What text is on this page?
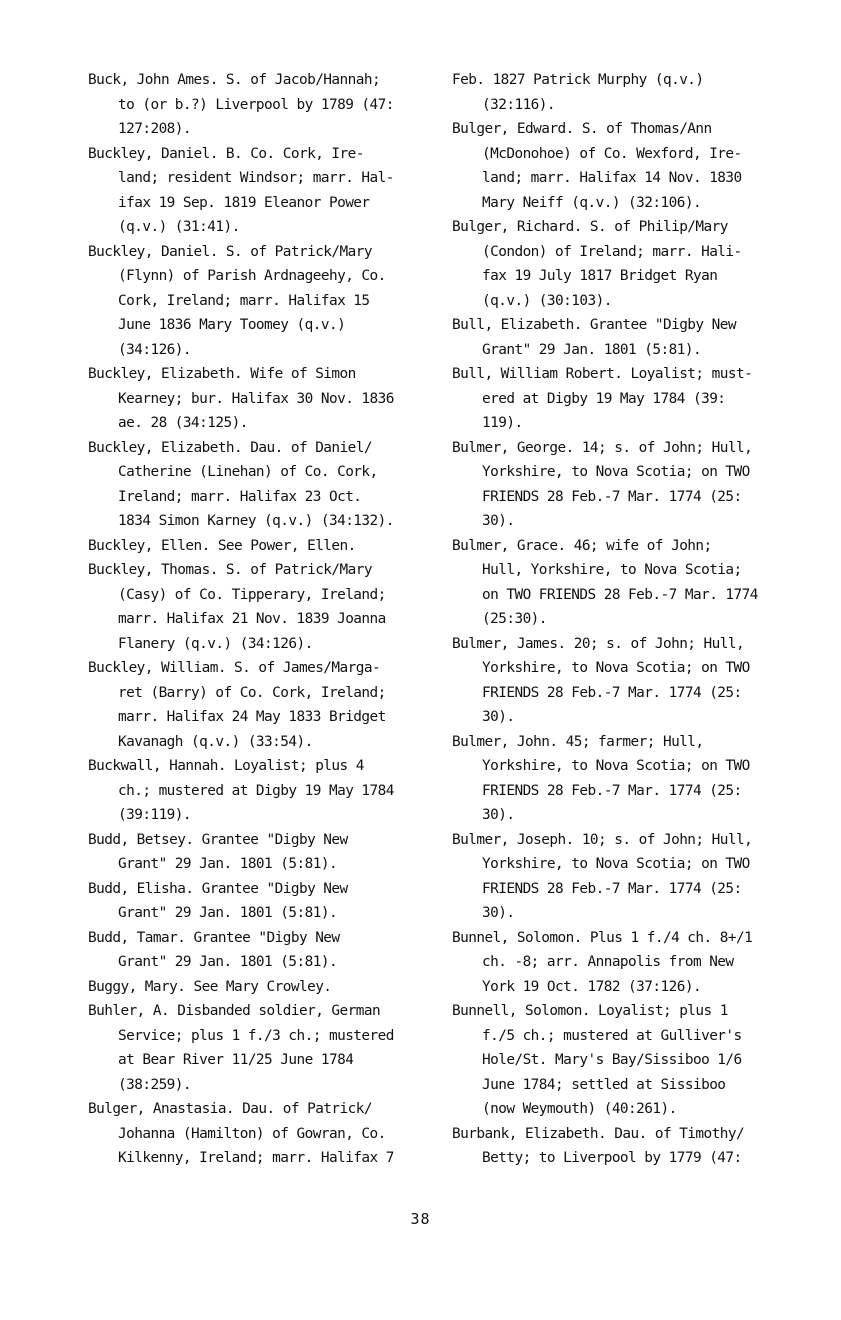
Buck, John Ames. S. of Jacob/Hannah;
to (or b.?) Liverpool by 1789 (47:
127:208).

Buckley, Daniel. B. Co. Cork, Ire-
land; resident Windsor; marr. Hal-
ifax 19 Sep. 1819 Eleanor Power
(q.v.) (31:41).

Buckley, Daniel. S. of Patrick/Mary
(Flynn) of Parish Ardnageehy, Co.
Cork, Ireland; marr. Halifax 15
June 1836 Mary Toomey (q.v.)
(34:126).

Buckley, Elizabeth. Wife of Simon
Kearney; bur. Halifax 30 Nov. 1836
ae. 28 (34:125).

Buckley, Elizabeth. Dau. of Daniel/
Catherine (Linehan) of Co. Cork,
Ireland; marr. Halifax 23 Oct.
1834 Simon Karney (q.v.) (34:132).

Buckley, Ellen. See Power, Ellen.

Buckley, Thomas. S. of Patrick/Mary
(Casy) of Co. Tipperary, Ireland;
marr. Halifax 21 Nov. 1839 Joanna
Flanery (q.v.) (34:126).

Buckley, William. S. of James/Marga-
ret (Barry) of Co. Cork, Ireland;
marr. Halifax 24 May 1833 Bridget
Kavanagh (q.v.) (33:54).

Buckwall, Hannah. Loyalist; plus 4
ch.; mustered at Digby 19 May 1784
(39:119).

Budd, Betsey. Grantee "Digby New
Grant" 29 Jan. 1801 (5:81).

Budd, Elisha. Grantee "Digby New
Grant" 29 Jan. 1801 (5:81).

Budd, Tamar. Grantee "Digby New
Grant" 29 Jan. 1801 (5:81).

Buggy, Mary. See Mary Crowley.

Buhler, A. Disbanded soldier, German
Service; plus 1 f./3 ch.; mustered
at Bear River 11/25 June 1784
(38:259).

Bulger, Anastasia. Dau. of Patrick/
Johanna (Hamilton) of Gowran, Co.
Kilkenny, Ireland; marr. Halifax 7

Feb. 1827 Patrick Murphy (q.v.)
(32:116).

Bulger, Edward. S. of Thomas/Ann
(McDonohoe) of Co. Wexford, Ire-
land; marr. Halifax 14 Nov. 1830
Mary Neiff (q.v.) (32:106).

Bulger, Richard. S. of Philip/Mary
(Condon) of Ireland; marr. Hali-
fax 19 July 1817 Bridget Ryan
(q.v.) (30:103).

Bull, Elizabeth. Grantee "Digby New
Grant" 29 Jan. 1801 (5:81).

Bull, William Robert. Loyalist; must-
ered at Digby 19 May 1784 (39:
119).

Bulmer, George. 14; s. of John; Hull,
Yorkshire, to Nova Scotia; on TWO
FRIENDS 28 Feb.-7 Mar. 1774 (25:
30).

Bulmer, Grace. 46; wife of John;
Hull, Yorkshire, to Nova Scotia;
on TWO FRIENDS 28 Feb.-7 Mar. 1774
(25:30).

Bulmer, James. 20; s. of John; Hull,
Yorkshire, to Nova Scotia; on TWO
FRIENDS 28 Feb.-7 Mar. 1774 (25:
30).

Bulmer, John. 45; farmer; Hull,
Yorkshire, to Nova Scotia; on TWO
FRIENDS 28 Feb.-7 Mar. 1774 (25:
30).

Bulmer, Joseph. 10; s. of John; Hull,
Yorkshire, to Nova Scotia; on TWO
FRIENDS 28 Feb.-7 Mar. 1774 (25:
30).

Bunnel, Solomon. Plus 1 f./4 ch. 8+/1
ch. -8; arr. Annapolis from New
York 19 Oct. 1782 (37:126).

Bunnell, Solomon. Loyalist; plus 1
f./5 ch.; mustered at Gulliver's
Hole/St. Mary's Bay/Sissiboo 1/6
June 1784; settled at Sissiboo
(now Weymouth) (40:261).

Burbank, Elizabeth. Dau. of Timothy/
Betty; to Liverpool by 1779 (47:

38
